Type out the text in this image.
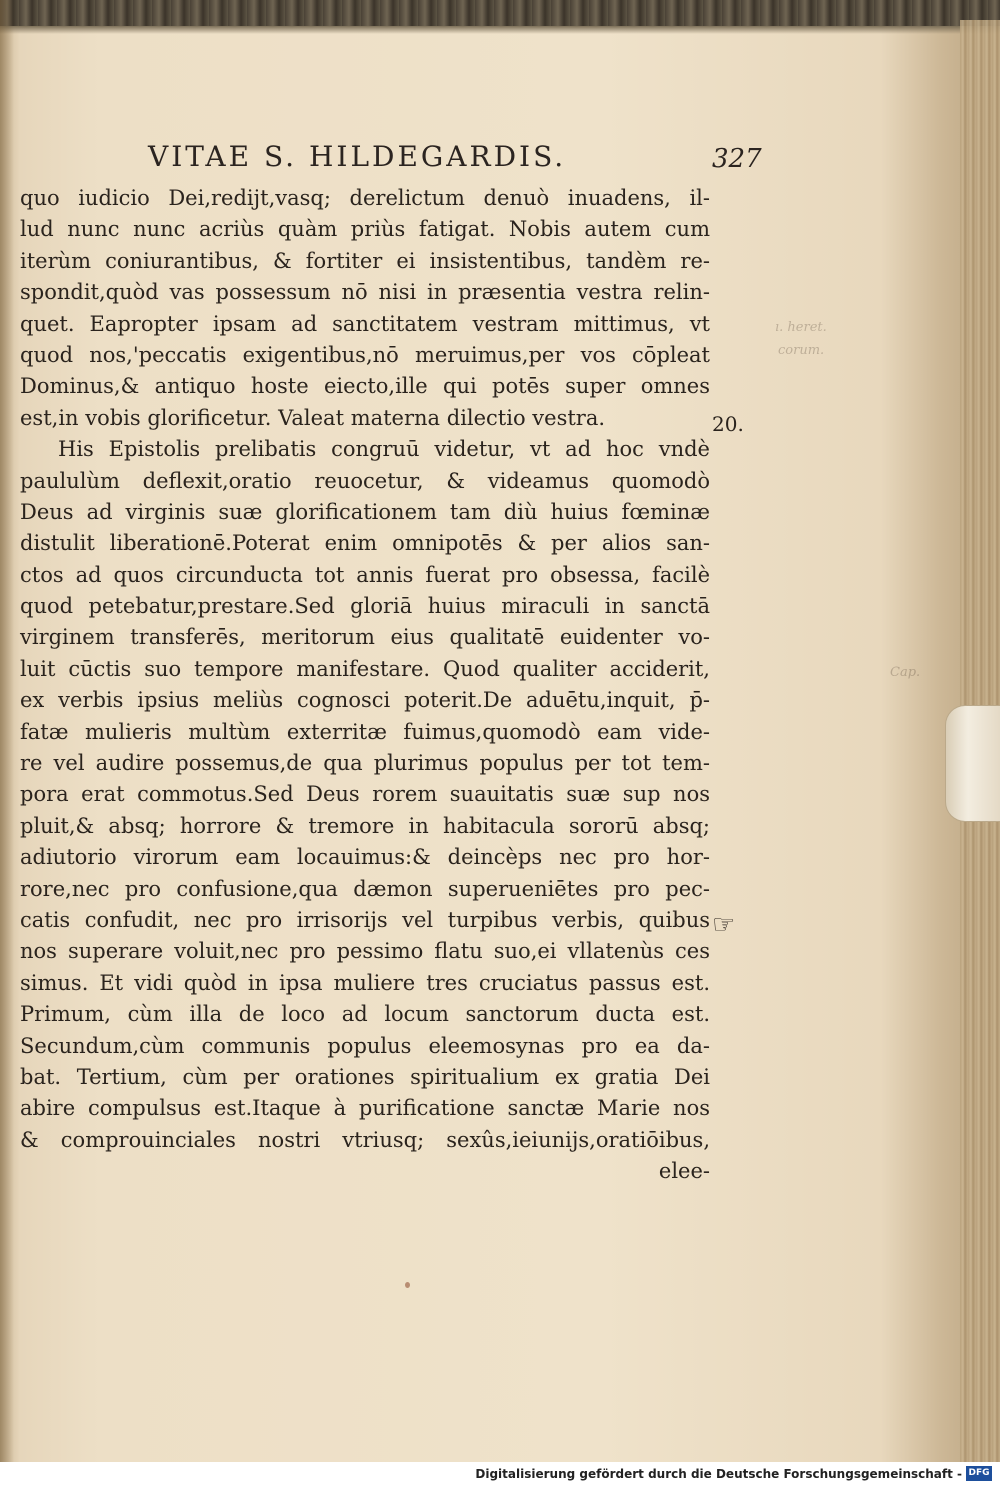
ı. heret.
corum.
Cap.
VITAE S. HILDEGARDIS.	327
quo iudicio Dei,redijt,vasq; derelictum denuò inuadens, il-
lud nunc nunc acriùs quàm priùs fatigat. Nobis autem cum
iterùm coniurantibus, & fortiter ei insistentibus, tandèm re-
spondit,quòd vas possessum nō nisi in præsentia vestra relin-
quet. Eapropter ipsam ad sanctitatem vestram mittimus, vt
quod nos,'peccatis exigentibus,nō meruimus,per vos cōpleat
Dominus,& antiquo hoste eiecto,ille qui potēs super omnes
est,in vobis glorificetur. Valeat materna dilectio vestra.
His Epistolis prelibatis congruū videtur, vt ad hoc vndè
paululùm deflexit,oratio reuocetur, & videamus quomodò
Deus ad virginis suæ glorificationem tam diù huius fœminæ
distulit liberationē.Poterat enim omnipotēs & per alios san-
ctos ad quos circunducta tot annis fuerat pro obsessa, facilè
quod petebatur,prestare.Sed gloriā huius miraculi in sanctā
virginem transferēs, meritorum eius qualitatē euidenter vo-
luit cūctis suo tempore manifestare. Quod qualiter acciderit,
ex verbis ipsius meliùs cognosci poterit.De aduētu,inquit, p̄-
fatæ mulieris multùm exterritæ fuimus,quomodò eam vide-
re vel audire possemus,de qua plurimus populus per tot tem-
pora erat commotus.Sed Deus rorem suauitatis suæ sup nos
pluit,& absq; horrore & tremore in habitacula sororū absq;
adiutorio virorum eam locauimus:& deincèps nec pro hor-
rore,nec pro confusione,qua dæmon superueniētes pro pec-
catis confudit, nec pro irrisorijs vel turpibus verbis, quibus
nos superare voluit,nec pro pessimo flatu suo,ei vllatenùs ces
simus. Et vidi quòd in ipsa muliere tres cruciatus passus est.
Primum, cùm illa de loco ad locum sanctorum ducta est.
Secundum,cùm communis populus eleemosynas pro ea da-
bat. Tertium, cùm per orationes spiritualium ex gratia Dei
abire compulsus est.Itaque à purificatione sanctæ Marie nos
& comprouinciales nostri vtriusq; sexûs,ieiunijs,oratiōibus,
elee-
20.
☞
Digitalisierung gefördert durch die Deutsche Forschungsgemeinschaft - DFG
